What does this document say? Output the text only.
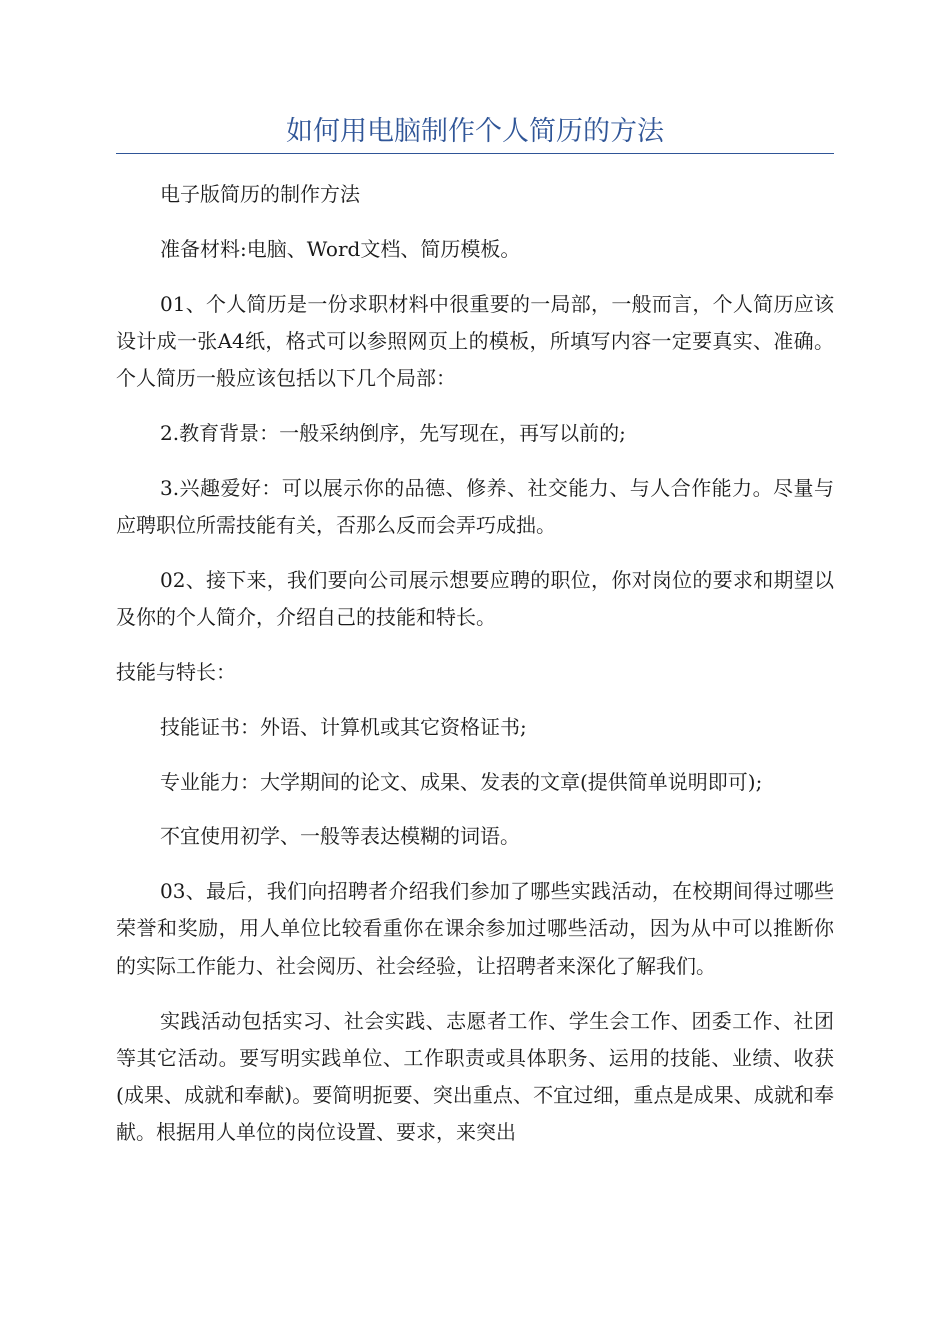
如何用电脑制作个人简历的方法

电子版简历的制作方法

准备材料:电脑、Word文档、简历模板。

01、个人简历是一份求职材料中很重要的一局部，一般而言，个人简历应该设计成一张A4纸，格式可以参照网页上的模板，所填写内容一定要真实、准确。个人简历一般应该包括以下几个局部：

2.教育背景：一般采纳倒序，先写现在，再写以前的;

3.兴趣爱好：可以展示你的品德、修养、社交能力、与人合作能力。尽量与应聘职位所需技能有关，否那么反而会弄巧成拙。

02、接下来，我们要向公司展示想要应聘的职位，你对岗位的要求和期望以及你的个人简介，介绍自己的技能和特长。

技能与特长：

技能证书：外语、计算机或其它资格证书;

专业能力：大学期间的论文、成果、发表的文章(提供简单说明即可);

不宜使用初学、一般等表达模糊的词语。

03、最后，我们向招聘者介绍我们参加了哪些实践活动，在校期间得过哪些荣誉和奖励，用人单位比较看重你在课余参加过哪些活动，因为从中可以推断你的实际工作能力、社会阅历、社会经验，让招聘者来深化了解我们。

实践活动包括实习、社会实践、志愿者工作、学生会工作、团委工作、社团等其它活动。要写明实践单位、工作职责或具体职务、运用的技能、业绩、收获(成果、成就和奉献)。要简明扼要、突出重点、不宜过细，重点是成果、成就和奉献。根据用人单位的岗位设置、要求，来突出
